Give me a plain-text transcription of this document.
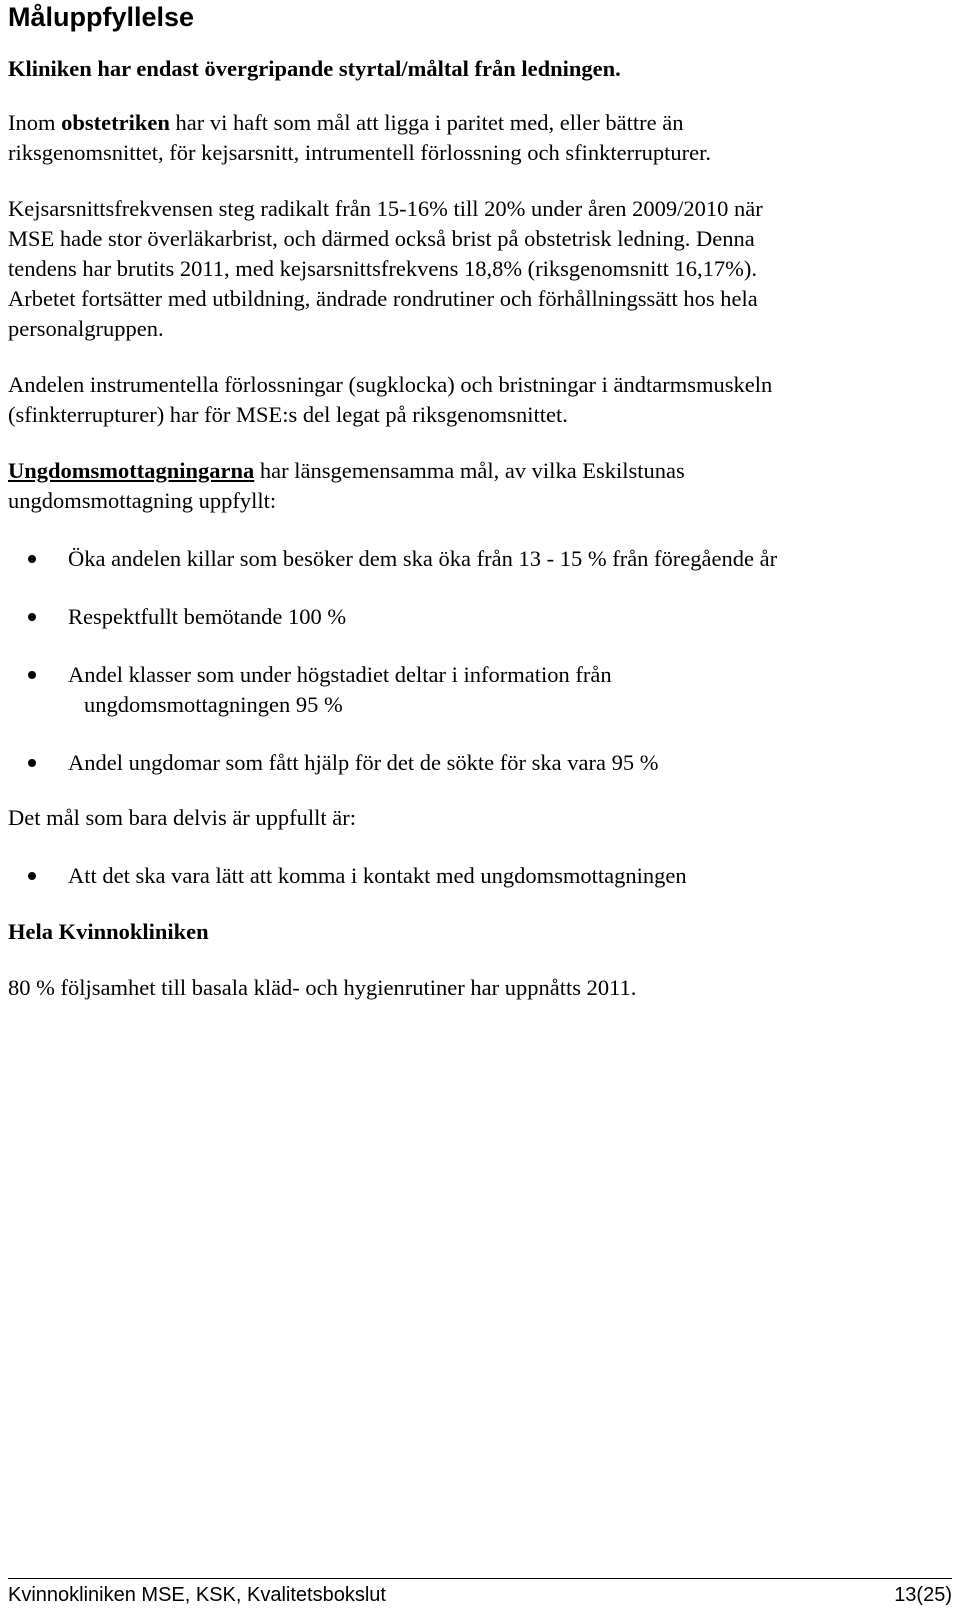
Måluppfyllelse

Kliniken har endast övergripande styrtal/måltal från ledningen.

Inom obstetriken har vi haft som mål att ligga i paritet med, eller bättre än
riksgenomsnittet, för kejsarsnitt, intrumentell förlossning och sfinkterrupturer.

Kejsarsnittsfrekvensen steg radikalt från 15-16% till 20% under åren 2009/2010 när
MSE hade stor överläkarbrist, och därmed också brist på obstetrisk ledning. Denna
tendens har brutits 2011, med kejsarsnittsfrekvens 18,8% (riksgenomsnitt 16,17%).
Arbetet fortsätter med utbildning, ändrade rondrutiner och förhållningssätt hos hela
personalgruppen.

Andelen instrumentella förlossningar (sugklocka) och bristningar i ändtarmsmuskeln
(sfinkterrupturer) har för MSE:s del legat på riksgenomsnittet.

Ungdomsmottagningarna har länsgemensamma mål, av vilka Eskilstunas
ungdomsmottagning uppfyllt:

Öka andelen killar som besöker dem ska öka från 13 - 15 % från föregående år
Respektfullt bemötande 100 %
Andel klasser som under högstadiet deltar i information från
ungdomsmottagningen 95 %
Andel ungdomar som fått hjälp för det de sökte för ska vara 95 %

Det mål som bara delvis är uppfullt är:

Att det ska vara lätt att komma i kontakt med ungdomsmottagningen

Hela Kvinnokliniken

80 % följsamhet till basala kläd- och hygienrutiner har uppnåtts 2011.

Kvinnokliniken MSE, KSK, Kvalitetsbokslut	13(25)
